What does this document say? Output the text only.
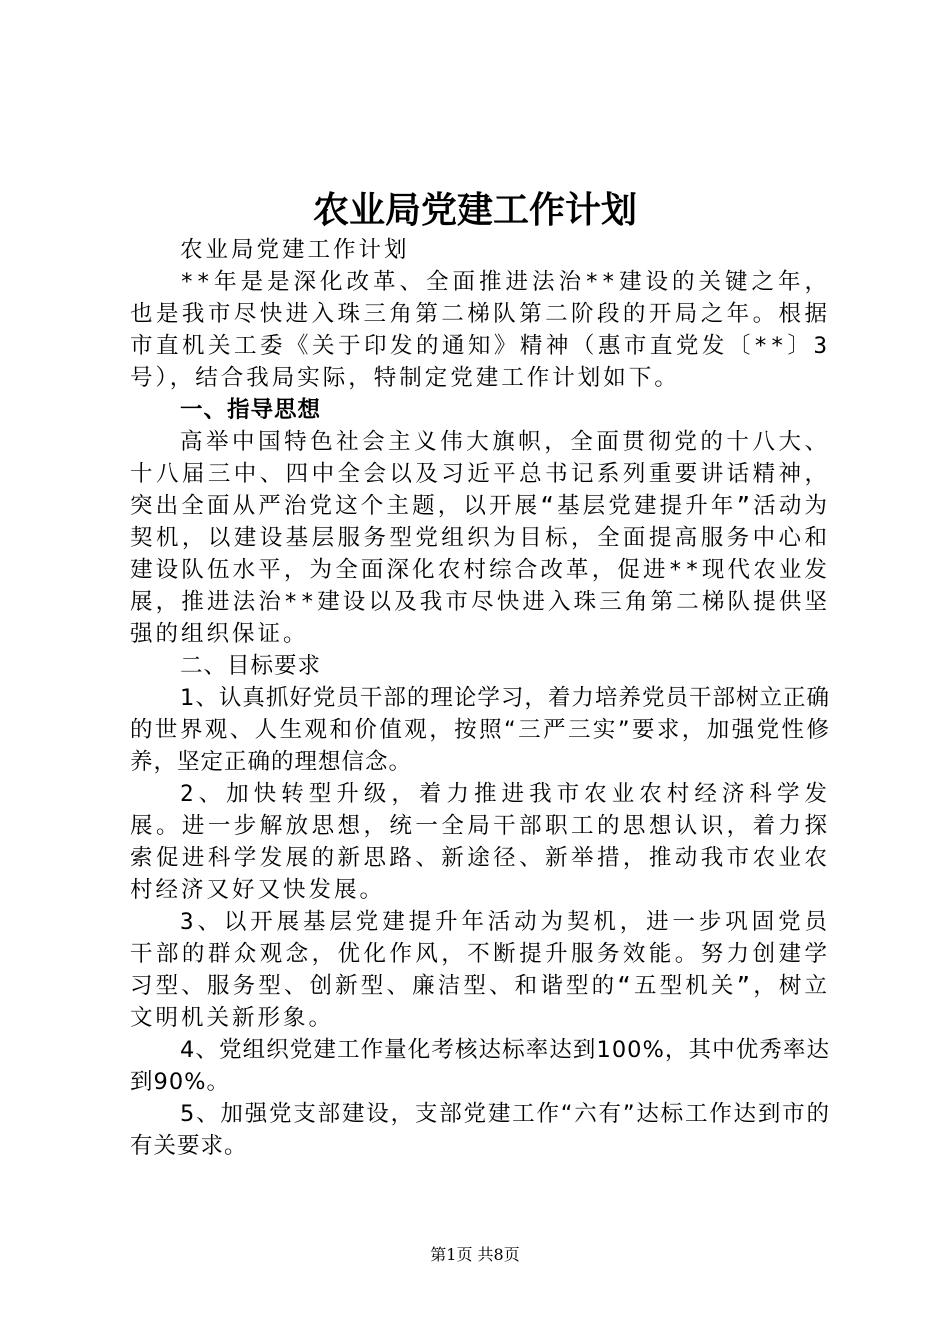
农业局党建工作计划

农业局党建工作计划

**年是是深化改革、全面推进法治**建设的关键之年，也是我市尽快进入珠三角第二梯队第二阶段的开局之年。根据市直机关工委《关于印发的通知》精神（惠市直党发〔**〕3号），结合我局实际，特制定党建工作计划如下。

一、指导思想

高举中国特色社会主义伟大旗帜，全面贯彻党的十八大、十八届三中、四中全会以及习近平总书记系列重要讲话精神，突出全面从严治党这个主题，以开展“基层党建提升年”活动为契机，以建设基层服务型党组织为目标，全面提高服务中心和建设队伍水平，为全面深化农村综合改革，促进**现代农业发展，推进法治**建设以及我市尽快进入珠三角第二梯队提供坚强的组织保证。

二、目标要求

1、认真抓好党员干部的理论学习，着力培养党员干部树立正确的世界观、人生观和价值观，按照“三严三实”要求，加强党性修养，坚定正确的理想信念。

2、加快转型升级，着力推进我市农业农村经济科学发展。进一步解放思想，统一全局干部职工的思想认识，着力探索促进科学发展的新思路、新途径、新举措，推动我市农业农村经济又好又快发展。

3、以开展基层党建提升年活动为契机，进一步巩固党员干部的群众观念，优化作风，不断提升服务效能。努力创建学习型、服务型、创新型、廉洁型、和谐型的“五型机关”，树立文明机关新形象。

4、党组织党建工作量化考核达标率达到100%，其中优秀率达到90%。

5、加强党支部建设，支部党建工作“六有”达标工作达到市的有关要求。

第1页 共8页
